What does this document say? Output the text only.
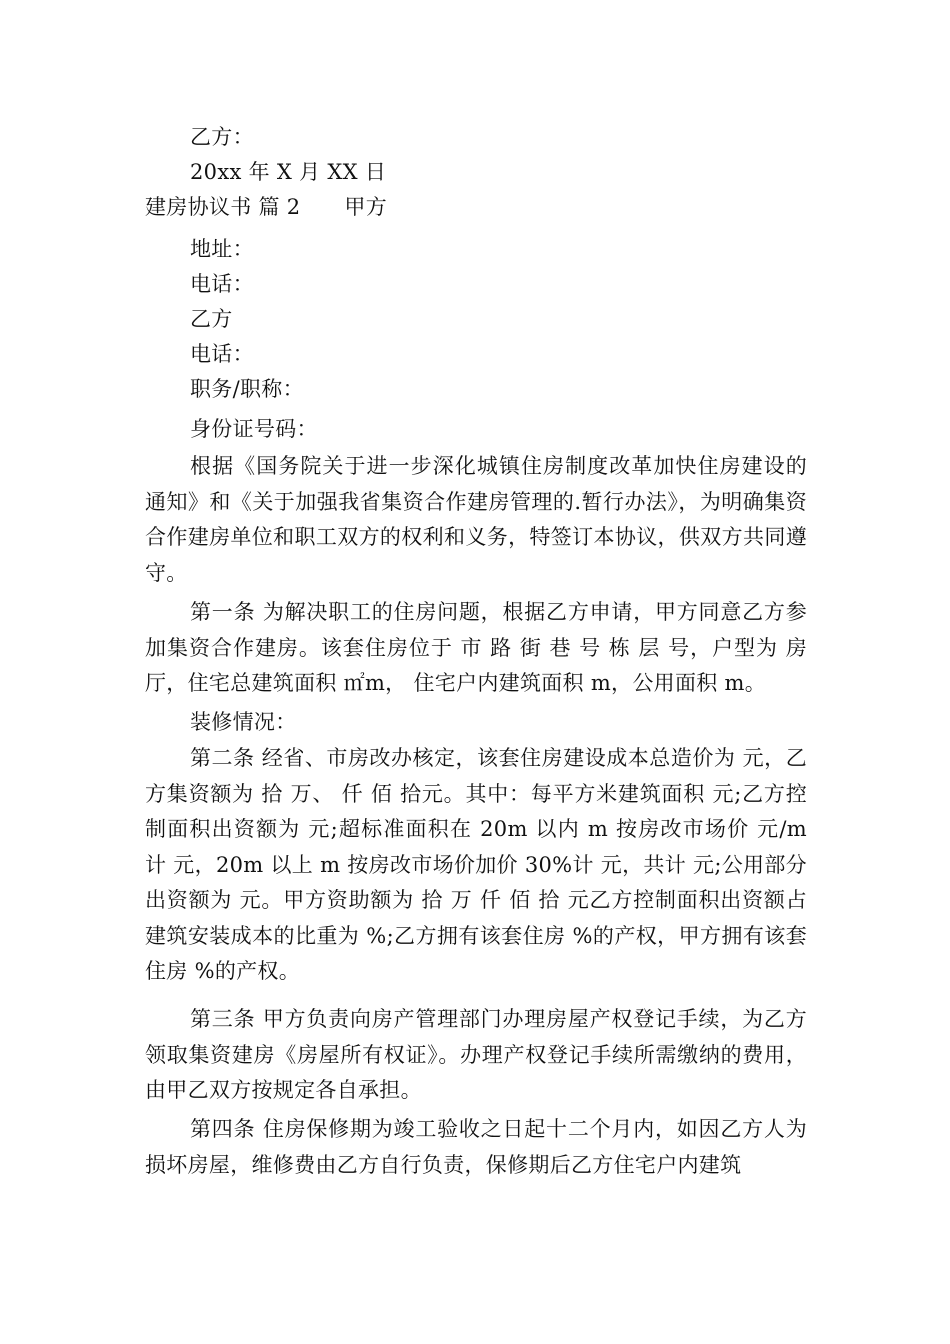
乙方：
20xx 年 X 月 XX 日
建房协议书 篇 2 甲方
地址：
电话：
乙方
电话：
职务/职称：
身份证号码：

根据《国务院关于进一步深化城镇住房制度改革加快住房建设的通知》和《关于加强我省集资合作建房管理的.暂行办法》，为明确集资合作建房单位和职工双方的权利和义务，特签订本协议，供双方共同遵守。

第一条 为解决职工的住房问题，根据乙方申请，甲方同意乙方参加集资合作建房。该套住房位于 市 路 街 巷 号 栋 层 号，户型为 房 厅，住宅总建筑面积 ㎡m， 住宅户内建筑面积 m，公用面积 m。

装修情况：

第二条 经省、市房改办核定，该套住房建设成本总造价为 元，乙方集资额为 拾 万、 仟 佰 拾元。其中：每平方米建筑面积 元;乙方控制面积出资额为 元;超标准面积在 20m 以内 m 按房改市场价 元/m 计 元，20m 以上 m 按房改市场价加价 30%计 元，共计 元;公用部分出资额为 元。甲方资助额为 拾 万 仟 佰 拾 元乙方控制面积出资额占建筑安装成本的比重为 %;乙方拥有该套住房 %的产权，甲方拥有该套住房 %的产权。

第三条 甲方负责向房产管理部门办理房屋产权登记手续，为乙方领取集资建房《房屋所有权证》。办理产权登记手续所需缴纳的费用，由甲乙双方按规定各自承担。

第四条 住房保修期为竣工验收之日起十二个月内，如因乙方人为损坏房屋，维修费由乙方自行负责，保修期后乙方住宅户内建筑
